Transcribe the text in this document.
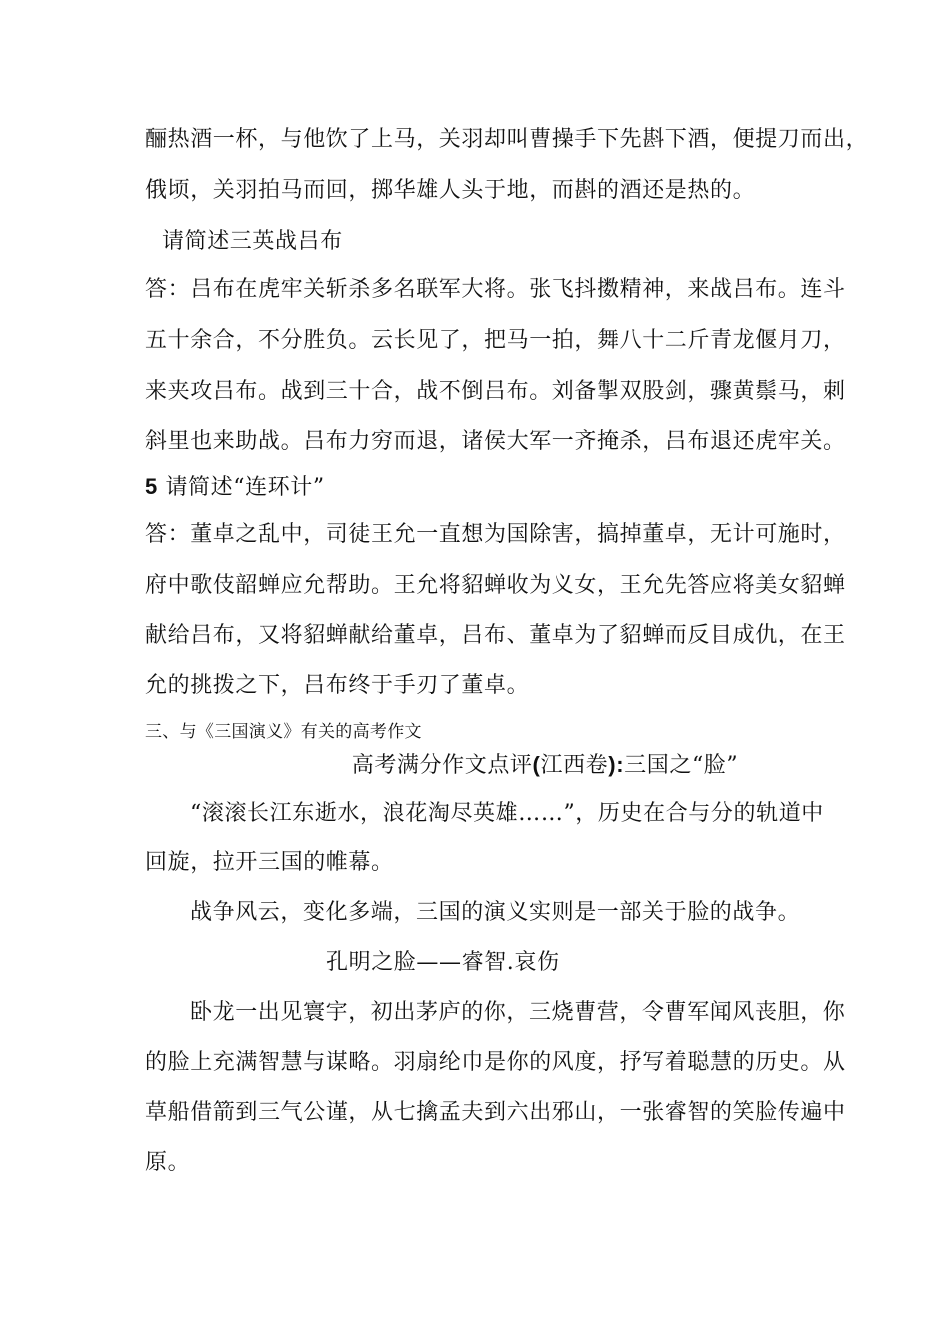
酾热酒一杯，与他饮了上马，关羽却叫曹操手下先斟下酒，便提刀而出，
俄顷，关羽拍马而回，掷华雄人头于地，而斟的酒还是热的。
请简述三英战吕布
答：吕布在虎牢关斩杀多名联军大将。张飞抖擞精神，来战吕布。连斗
五十余合，不分胜负。云长见了，把马一拍，舞八十二斤青龙偃月刀，
来夹攻吕布。战到三十合，战不倒吕布。刘备掣双股剑，骤黄鬃马，刺
斜里也来助战。吕布力穷而退，诸侯大军一齐掩杀，吕布退还虎牢关。
5 请简述“连环计”
答：董卓之乱中，司徒王允一直想为国除害，搞掉董卓，无计可施时，
府中歌伎韶蝉应允帮助。王允将貂蝉收为义女，王允先答应将美女貂蝉
献给吕布，又将貂蝉献给董卓，吕布、董卓为了貂蝉而反目成仇，在王
允的挑拨之下，吕布终于手刃了董卓。
三、与《三国演义》有关的高考作文
高考满分作文点评(江西卷):三国之“脸”
“滚滚长江东逝水，浪花淘尽英雄……”，历史在合与分的轨道中
回旋，拉开三国的帷幕。
战争风云，变化多端，三国的演义实则是一部关于脸的战争。
孔明之脸——睿智.哀伤
卧龙一出见寰宇，初出茅庐的你，三烧曹营，令曹军闻风丧胆，你
的脸上充满智慧与谋略。羽扇纶巾是你的风度，抒写着聪慧的历史。从
草船借箭到三气公谨，从七擒孟夫到六出邪山，一张睿智的笑脸传遍中
原。
